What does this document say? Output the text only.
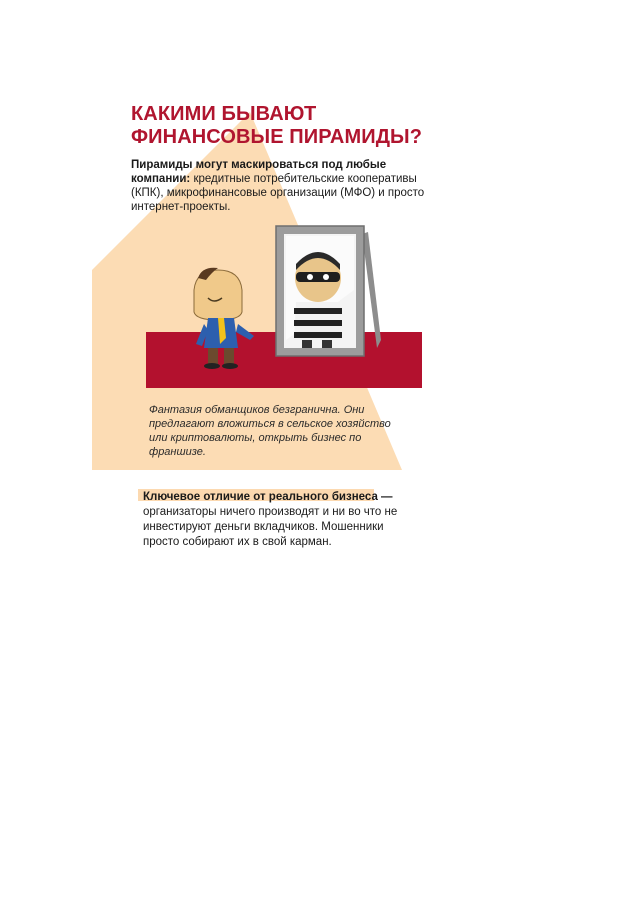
КАКИМИ БЫВАЮТ
ФИНАНСОВЫЕ ПИРАМИДЫ?

Пирамиды могут маскироваться под любые компании: кредитные потребительские кооперативы (КПК), микрофинансовые организации (МФО) и просто интернет-проекты.

Фантазия обманщиков безгранична. Они предлагают вложиться в сельское хозяйство или криптовалюты, открыть бизнес по франшизе.

Ключевое отличие от реального бизнеса — организаторы ничего производят и ни во что не инвестируют деньги вкладчиков. Мошенники просто собирают их в свой карман.
